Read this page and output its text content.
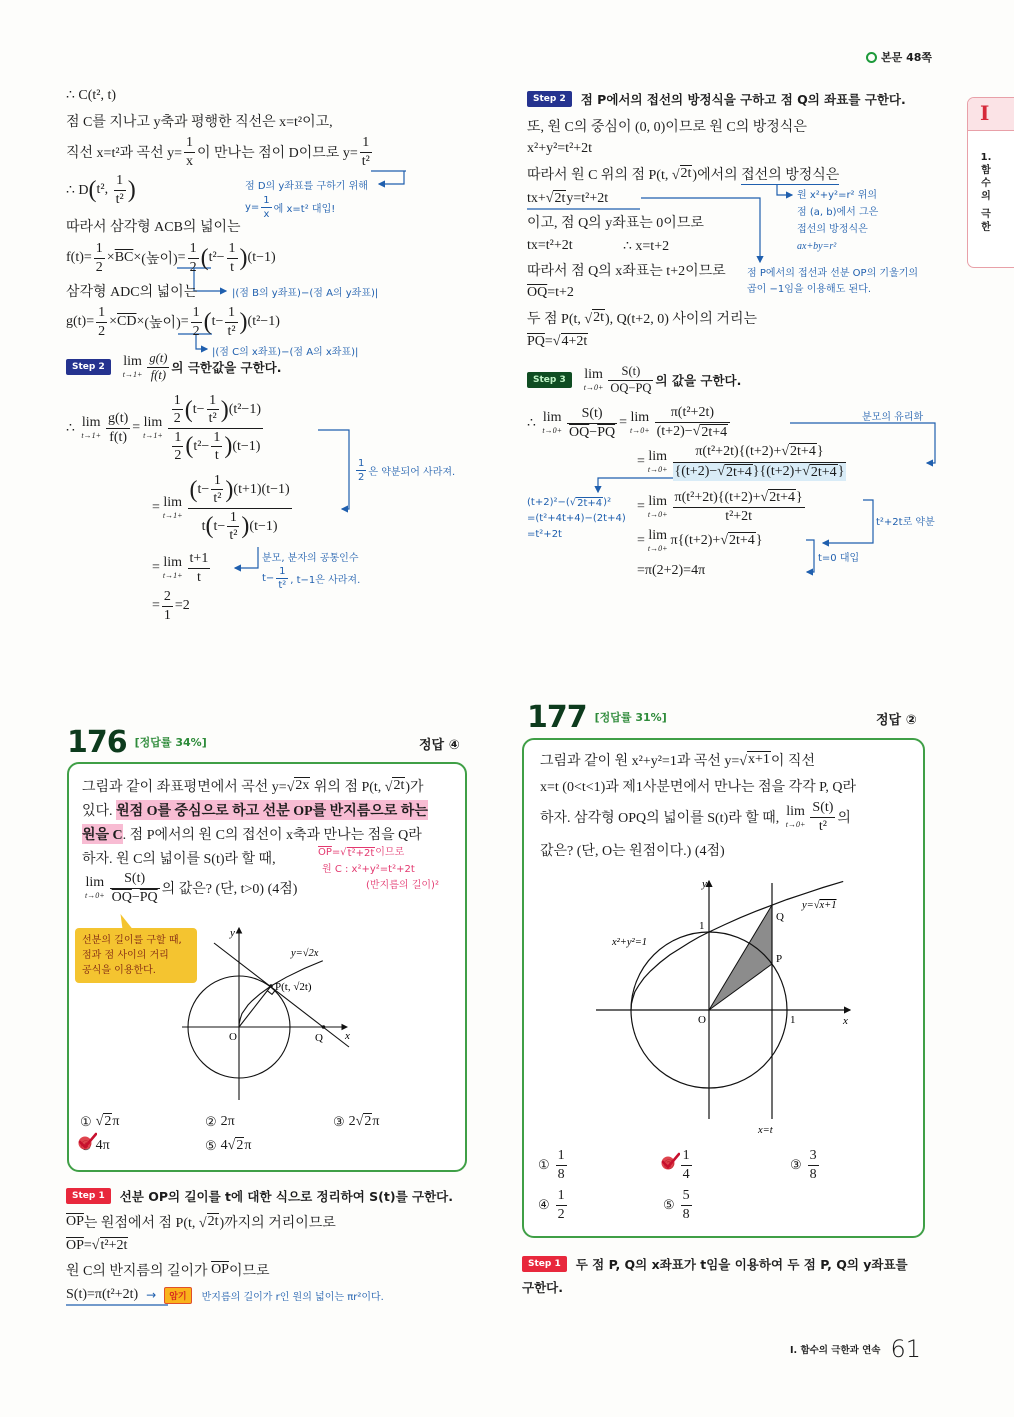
본문 48쪽
Ⅰ
1.
함
수
의
극
한
∴ C(t², t)
점 C를 지나고 y축과 평행한 직선은 x=t²이고,
직선 x=t²과 곡선 $y= \frac{1}{x}$ 이 만나는 점이 D이므로 $y= \frac{1}{\text{t²}}$
점 D의 y좌표를 구하기 위해
$y= \frac{1}{x}$ 에 x=t² 대입!
∴ D ( t², $\frac{1}{\text{t²}}$ )
따라서 삼각형 ACB의 넓이는
$f(t)= \frac{1}{2} \times \overline{BC}$ × (높이) = $\frac{1}{2}$ ( $t^2- \frac{1}{t}$ ) (t−1)
삼각형 ADC의 넓이는	|(점 B의 y좌표)−(점 A의 y좌표)|
$g(t)= \frac{1}{2} \times \overline{CD}$ × (높이) = $\frac{1}{2}$ ( $t- \frac{1}{\text{t²}}$ ) (t²−1)
|(점 C의 x좌표)−(점 A의 x좌표)|
Step 2	lim
$t\to 1+ \frac{g(t)}{f(t)}$ 의 극한값을 구한다.
∴ lim
$t\to 1+ \frac{g(t)}{f(t)} = \lim$
$t\to 1+ \frac{\frac{1}{2} ( t- \frac{1}{\text{t²}} ) (t^2-1)}{\frac{1}{2} ( t^2- \frac{1}{t} ) (t-1)}$
$\frac{1}{2}$ 은 약분되어 사라져.
= lim
$t\to 1+ \frac{( t- \frac{1}{\text{t²}} ) (t+1)(t-1)}{t ( t- \frac{1}{\text{t²}} ) (t-1)}$
분모, 분자의 공통인수
$t- \frac{1}{\text{t²}}$ , t−1은 사라져.
= lim
$t\to 1+ \frac{t+1}{t}$
= $\frac{2}{1} =2$
Step 2	점 P에서의 접선의 방정식을 구하고 점 Q의 좌표를 구한다.
또, 원 C의 중심이 (0, 0)이므로 원 C의 방정식은
x²+y²=t²+2t
따라서 원 C 위의 점 P(t, √ 2t )에서의 접선의 방정식은
tx+√ 2t y=t²+2t	원 x²+y²=r² 위의
점 (a, b)에서 그은
접선의 방정식은
ax+by=r²
이고, 점 Q의 y좌표는 0이므로
tx=t²+2t	∴ x=t+2
따라서 점 Q의 x좌표는 t+2이므로 점 P에서의 접선과 선분 OP의 기울기의
곱이 −1임을 이용해도 된다.
$\overline{OQ} =t+2$
두 점 P(t, √ 2t ), Q(t+2, 0) 사이의 거리는
$\overline{PQ}$ =√ 4+2t
Step 3	lim
$t\to 0+ \frac{S(t)}{\overline{OQ} - \overline{PQ}}$ 의 값을 구한다.
∴ lim
$t\to 0+ \frac{S(t)}{\overline{OQ} - \overline{PQ}} = \lim$
$t\to 0+ \frac{\text{π(t²+2t)}}{(t+2)-√ 2t+4}$	분모의 유리화
= lim
$t\to 0+ \frac{\text{π(t²+2t)\{(t+2)+√ 2t+4 \}}}{\{(t+2)-√ 2t+4 \}\{(t+2)+√ 2t+4 \}}$
(t+2)²−(√ 2t+4 )²
=(t²+4t+4)−(2t+4)
=t²+2t
= lim
$t\to 0+ \frac{\text{π(t²+2t)\{(t+2)+√ 2t+4 \}}}{\text{t²+2t}}$	t²+2t로 약분
= lim
t→0+
π{(t+2)+√ 2t+4 }
t=0 대입
=π(2+2)=4π
176 [정답률 34%]	정답 ④
그림과 같이 좌표평면에서 곡선 y=√ 2x 위의 점 P(t, √ 2t )가
있다. 원점 O를 중심으로 하고 선분 OP를 반지름으로 하는
원을 C . 점 P에서의 원 C의 접선이 x축과 만나는 점을 Q라
하자. 원 C의 넓이를 S(t)라 할 때,
lim
$t\to 0+ \frac{S(t)}{\overline{OQ} - \overline{PQ}}$ 의 값은? (단, t>0) (4점)
$\overline{OP}$ =√ t²+2t 이므로
원 C : x²+y²= t²+2t
(반지름의 길이)²
선분의 길이를 구할 때,
점과 점 사이의 거리
공식을 이용한다.
y
x
O	Q
P(t, √2t)
y=√2x
① √ 2 π	② 2π	③ 2 √ 2 π
4π	⑤ 4 √ 2 π
Step 1	선분 OP의 길이를 t에 대한 식으로 정리하여 S(t)를 구한다.
$\overline{OP}$ 는 원점에서 점 P(t, √ 2t )까지의 거리이므로
$\overline{OP}$ =√ t²+2t
원 C의 반지름의 길이가 $\overline{OP}$ 이므로
S(t)=π(t²+2t) →	암기	반지름의 길이가 r인 원의 넓이는 πr²이다.
177 [정답률 31%]	정답 ②
그림과 같이 원 x²+y²=1과 곡선 y=√ x+1 이 직선
x=t (0<t<1)과 제1사분면에서 만나는 점을 각각 P, Q라
하자. 삼각형 OPQ의 넓이를 S(t)라 할 때, lim
$t\to 0+ \frac{S(t)}{\text{t²}}$ 의
값은? (단, O는 원점이다.) (4점)
y
x
O
1
1
P
Q
x²+y²=1
y=√x+1
x=t
① $\frac{1}{8}$	$\frac{1}{4}$	③ $\frac{3}{8}$
④ $\frac{1}{2}$	⑤ $\frac{5}{8}$
Step 1	두 점 P, Q의 x좌표가 t임을 이용하여 두 점 P, Q의 y좌표를
구한다.
Ⅰ. 함수의 극한과 연속 61
